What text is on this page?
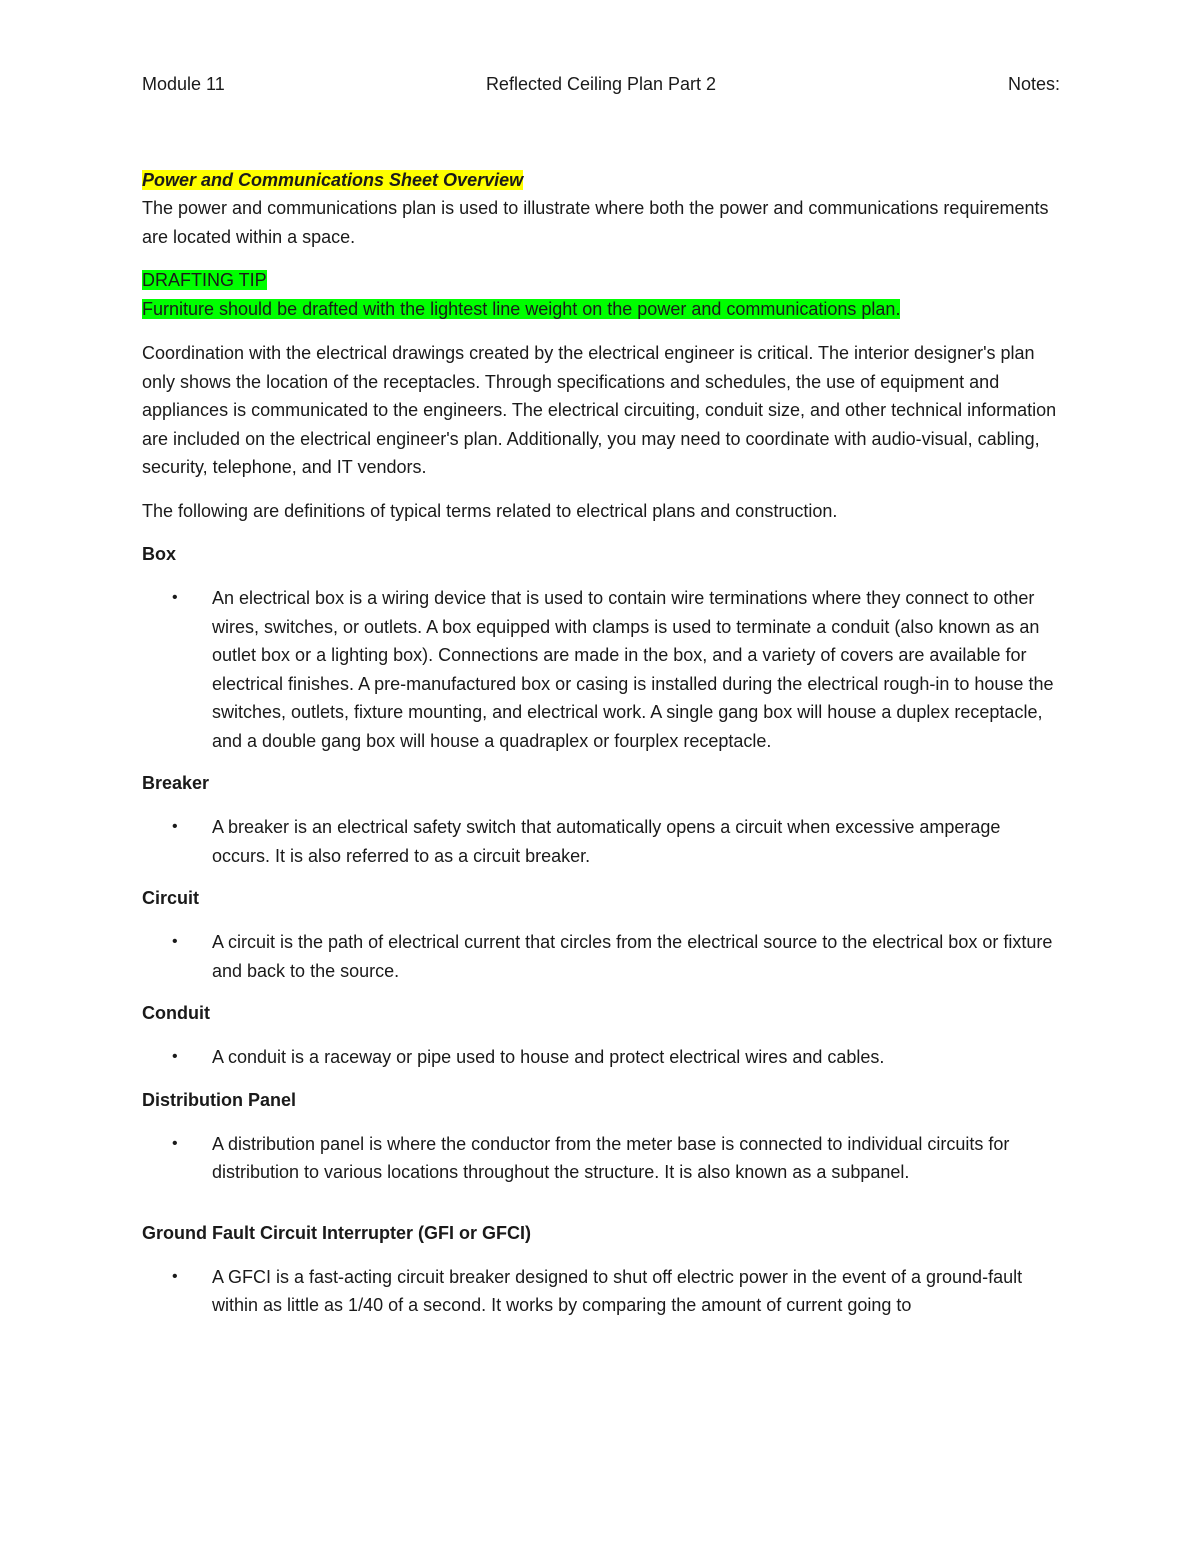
Module 11	Reflected Ceiling Plan Part 2	Notes:

Power and Communications Sheet Overview

The power and communications plan is used to illustrate where both the power and communications requirements are located within a space.

DRAFTING TIP
Furniture should be drafted with the lightest line weight on the power and communications plan.

Coordination with the electrical drawings created by the electrical engineer is critical. The interior designer's plan only shows the location of the receptacles. Through specifications and schedules, the use of equipment and appliances is communicated to the engineers. The electrical circuiting, conduit size, and other technical information are included on the electrical engineer's plan. Additionally, you may need to coordinate with audio-visual, cabling, security, telephone, and IT vendors.

The following are definitions of typical terms related to electrical plans and construction.

Box

• An electrical box is a wiring device that is used to contain wire terminations where they connect to other wires, switches, or outlets. A box equipped with clamps is used to terminate a conduit (also known as an outlet box or a lighting box). Connections are made in the box, and a variety of covers are available for electrical finishes. A pre-manufactured box or casing is installed during the electrical rough-in to house the switches, outlets, fixture mounting, and electrical work. A single gang box will house a duplex receptacle, and a double gang box will house a quadraplex or fourplex receptacle.

Breaker

• A breaker is an electrical safety switch that automatically opens a circuit when excessive amperage occurs. It is also referred to as a circuit breaker.

Circuit

• A circuit is the path of electrical current that circles from the electrical source to the electrical box or fixture and back to the source.

Conduit

• A conduit is a raceway or pipe used to house and protect electrical wires and cables.

Distribution Panel

• A distribution panel is where the conductor from the meter base is connected to individual circuits for distribution to various locations throughout the structure. It is also known as a subpanel.

Ground Fault Circuit Interrupter (GFI or GFCI)

• A GFCI is a fast-acting circuit breaker designed to shut off electric power in the event of a ground-fault within as little as 1/40 of a second. It works by comparing the amount of current going to
